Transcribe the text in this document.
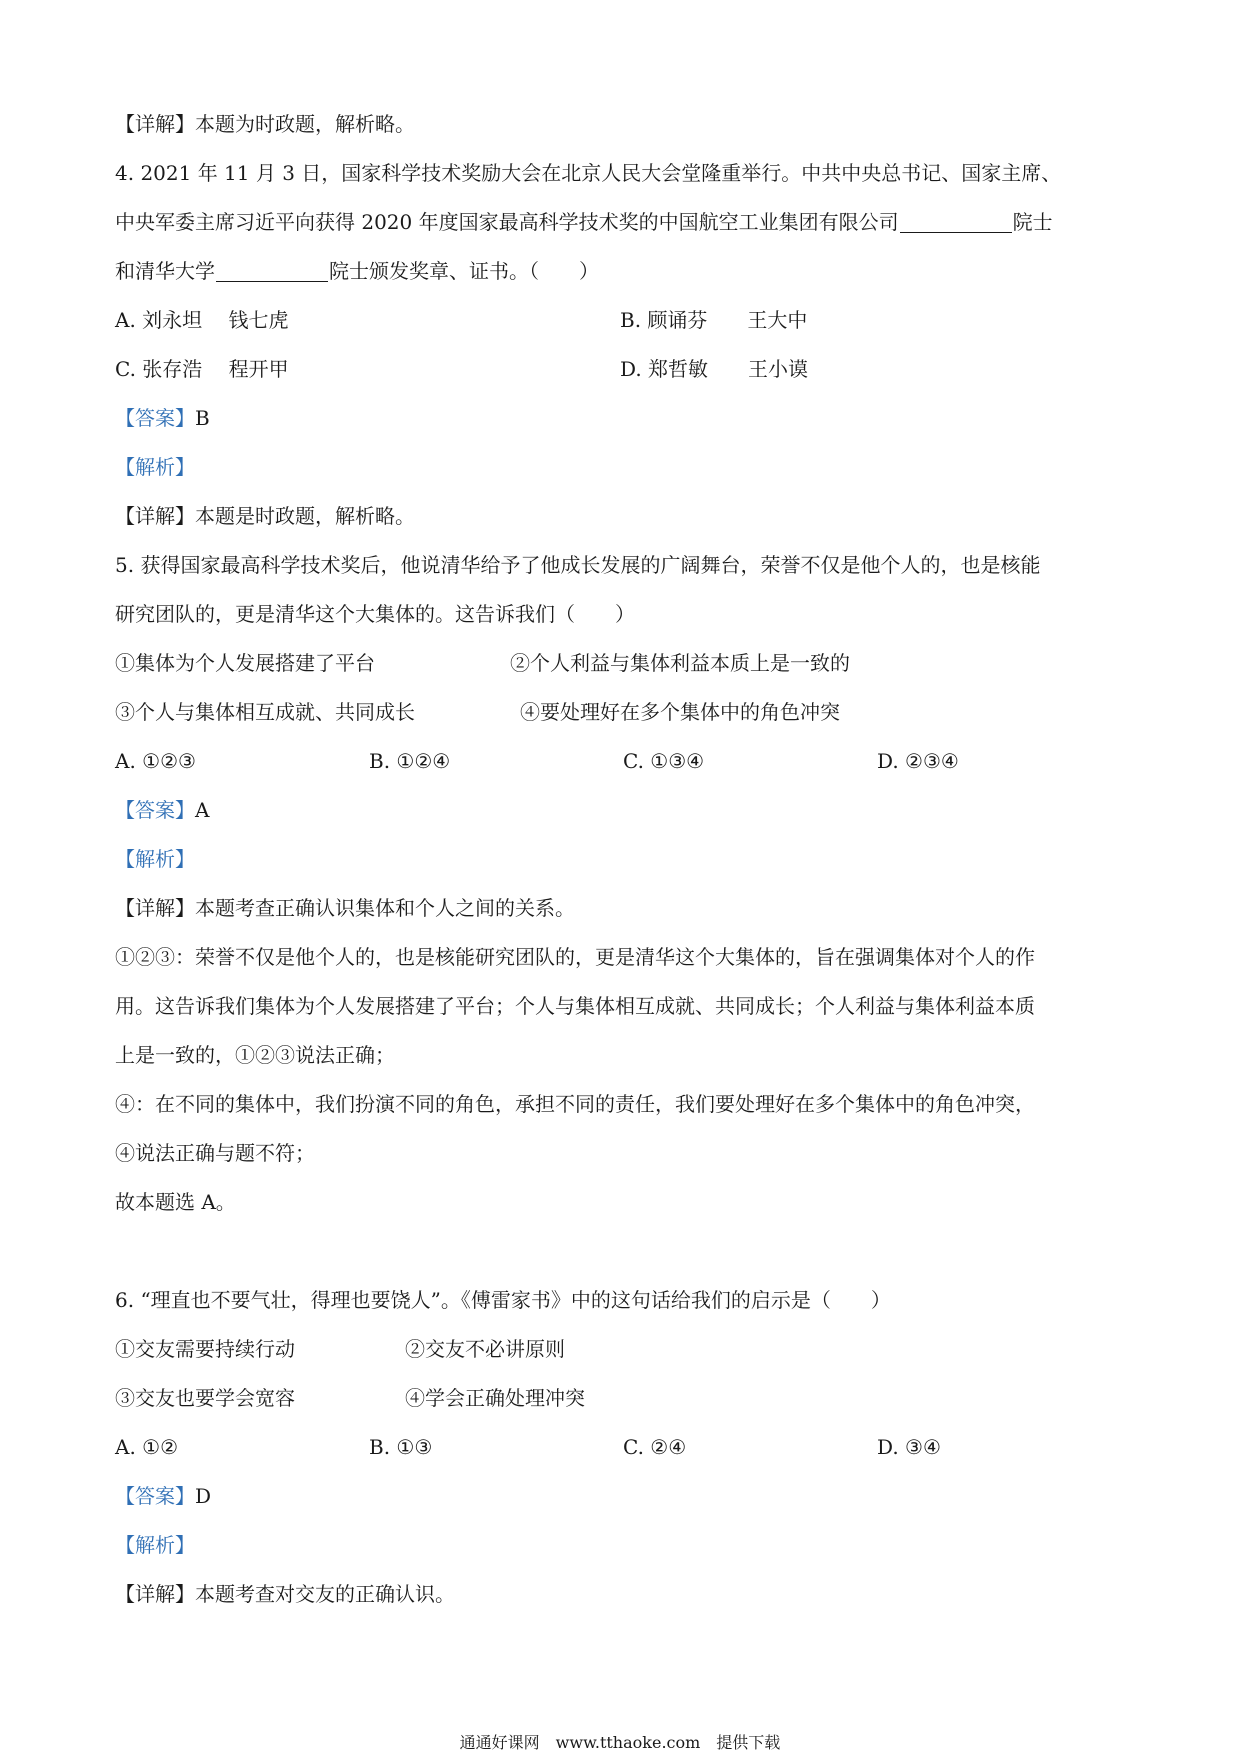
【详解】本题为时政题，解析略。
4. 2021 年 11 月 3 日，国家科学技术奖励大会在北京人民大会堂隆重举行。中共中央总书记、国家主席、
中央军委主席习近平向获得 2020 年度国家最高科学技术奖的中国航空工业集团有限公司	院士
和清华大学	院士颁发奖章、证书。（　　）
A. 刘永坦　 钱七虎	B. 顾诵芬　　王大中
C. 张存浩　 程开甲	D. 郑哲敏　　王小谟
【答案】B
【解析】
【详解】本题是时政题，解析略。
5. 获得国家最高科学技术奖后，他说清华给予了他成长发展的广阔舞台，荣誉不仅是他个人的，也是核能
研究团队的，更是清华这个大集体的。这告诉我们（　　）
①集体为个人发展搭建了平台	②个人利益与集体利益本质上是一致的
③个人与集体相互成就、共同成长	④要处理好在多个集体中的角色冲突
A. ①②③	B. ①②④	C. ①③④	D. ②③④
【答案】A
【解析】
【详解】本题考查正确认识集体和个人之间的关系。
①②③：荣誉不仅是他个人的，也是核能研究团队的，更是清华这个大集体的，旨在强调集体对个人的作
用。这告诉我们集体为个人发展搭建了平台；个人与集体相互成就、共同成长；个人利益与集体利益本质
上是一致的，①②③说法正确；
④：在不同的集体中，我们扮演不同的角色，承担不同的责任，我们要处理好在多个集体中的角色冲突，
④说法正确与题不符；
故本题选 A。
6. “理直也不要气壮，得理也要饶人”。《傅雷家书》中的这句话给我们的启示是（　　）
①交友需要持续行动	②交友不必讲原则
③交友也要学会宽容	④学会正确处理冲突
A. ①②	B. ①③	C. ②④	D. ③④
【答案】D
【解析】
【详解】本题考查对交友的正确认识。
通通好课网　www.tthaoke.com　提供下载
